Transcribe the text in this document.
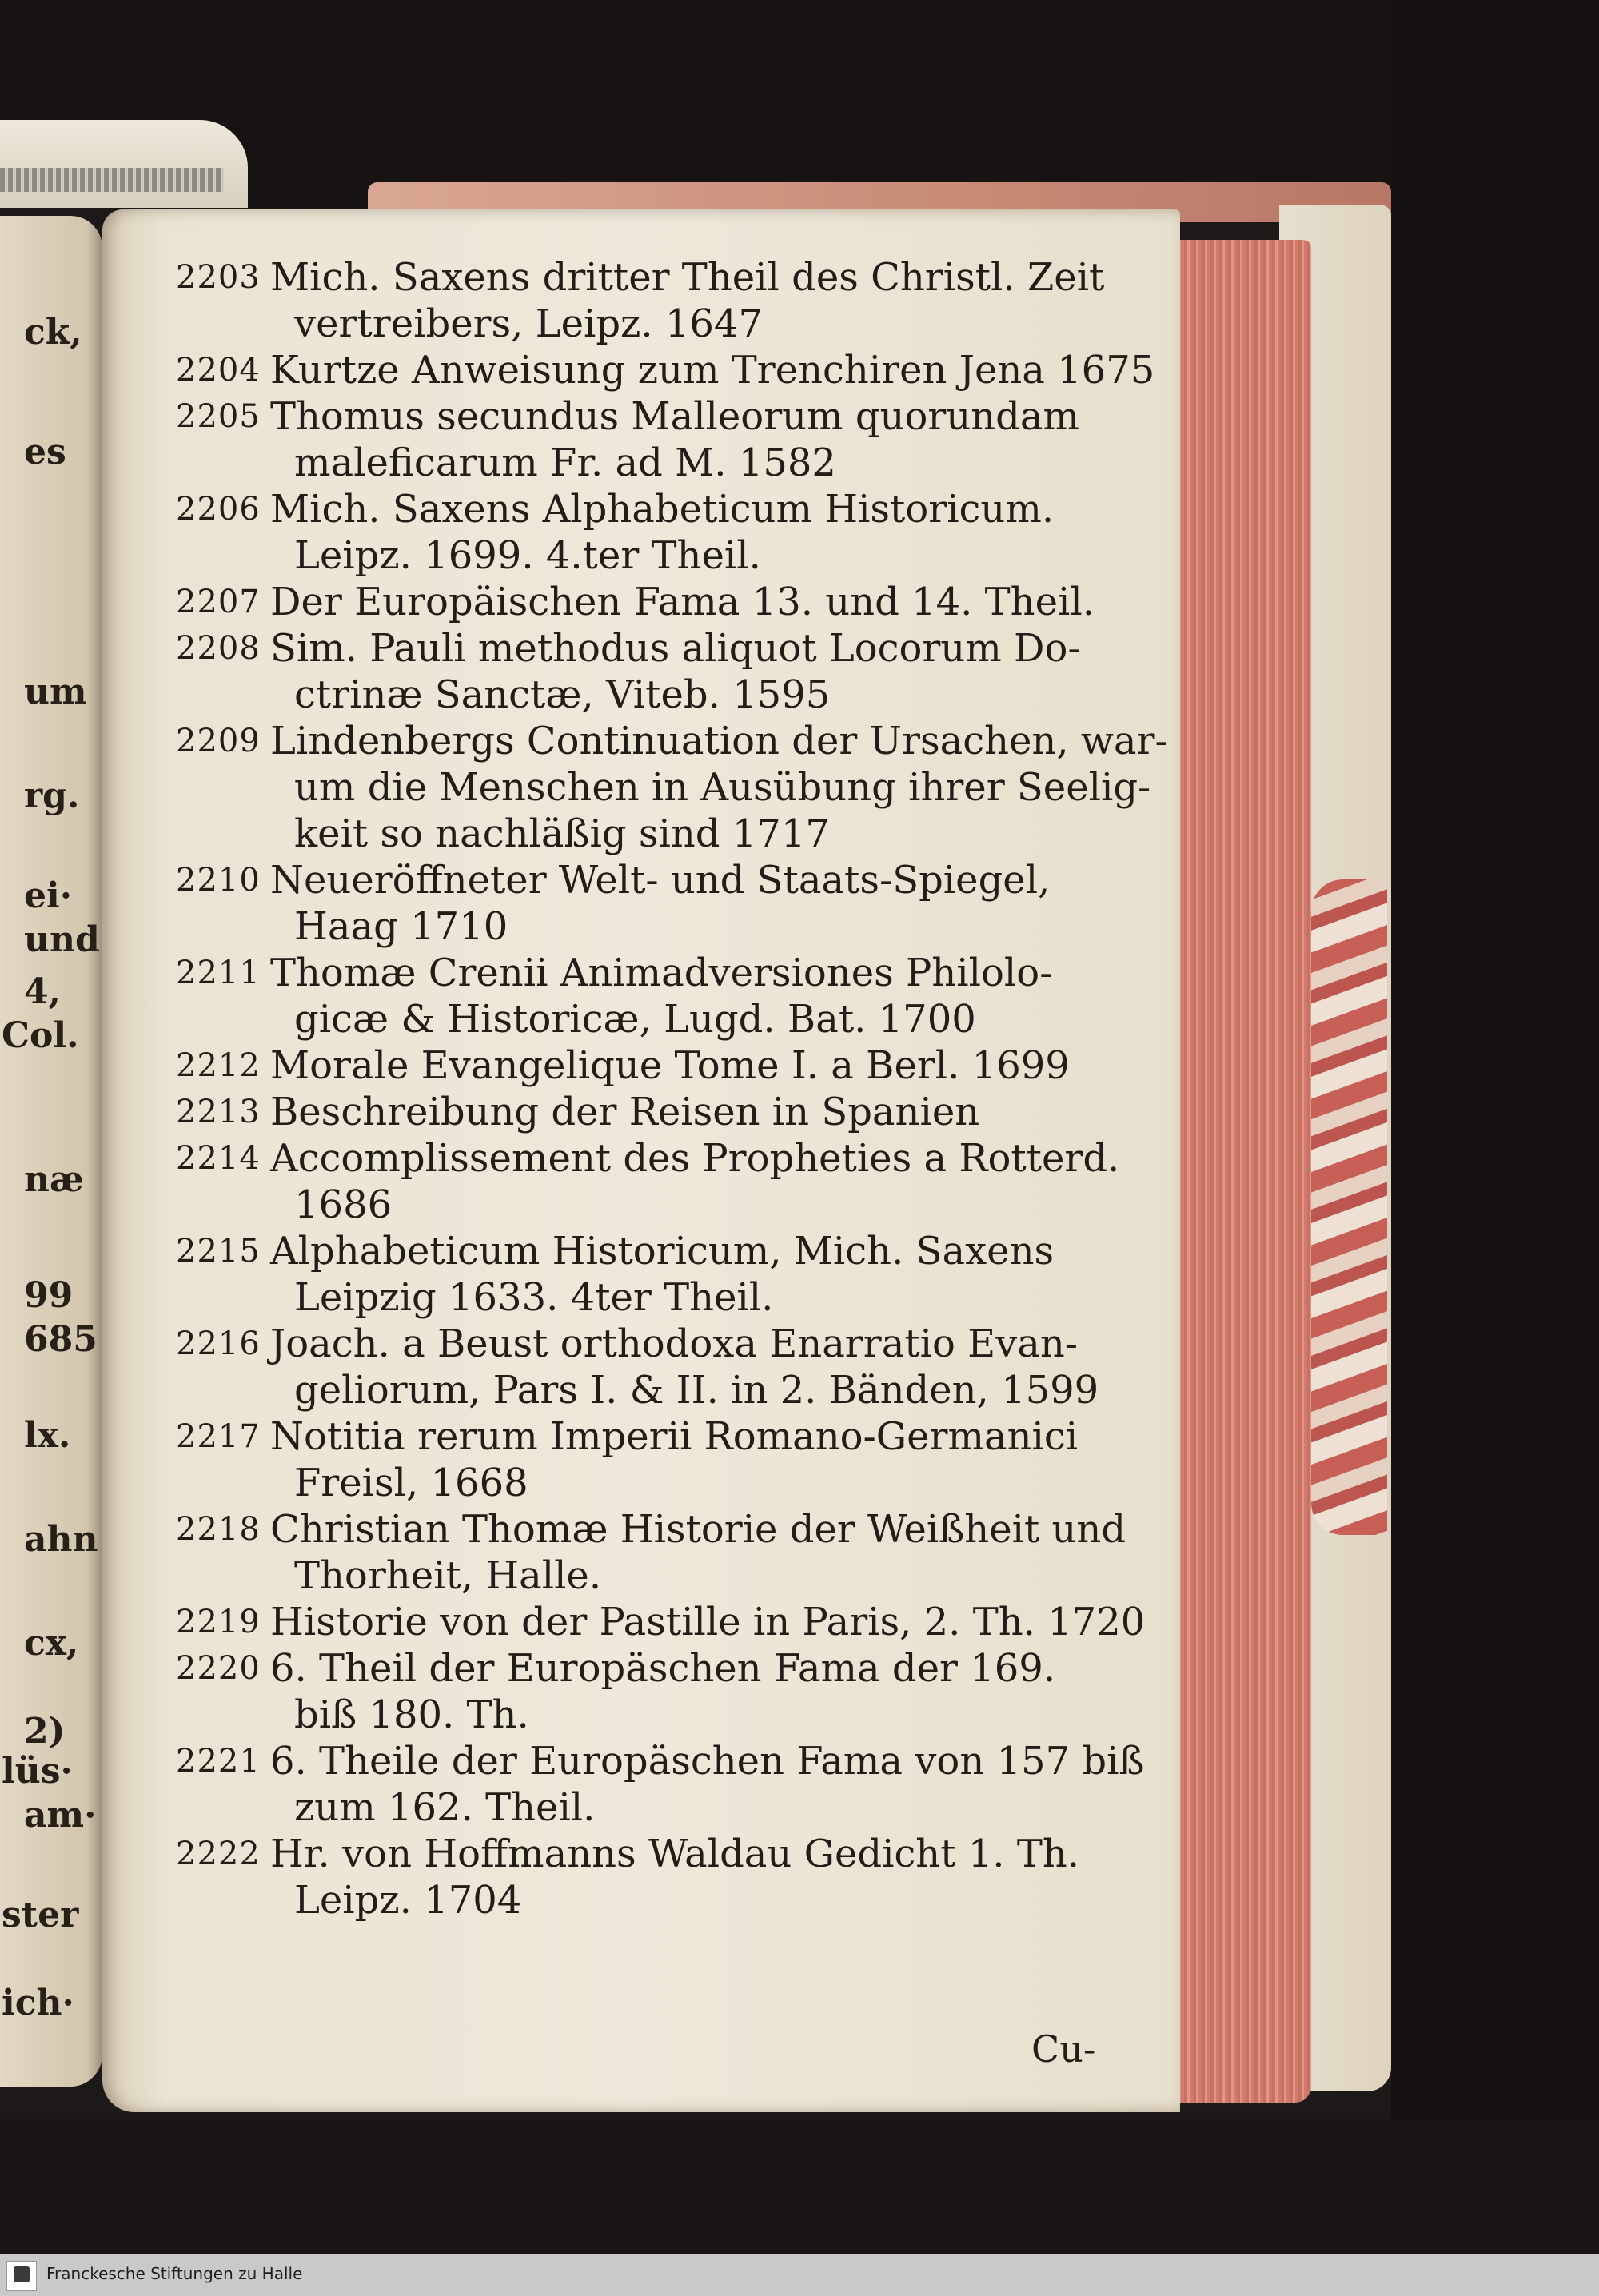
ck,
es
um
rg.
ei·
und
4,
Col.
næ
99
685
lx.
ahn
cx,
2)
lüs·
am·
ster
ich·
2203 Mich. Saxens dritter Theil des Christl. Zeit
vertreibers, Leipz. 1647
2204 Kurtze Anweisung zum Trenchiren Jena 1675
2205 Thomus secundus Malleorum quorundam
maleficarum Fr. ad M. 1582
2206 Mich. Saxens Alphabeticum Historicum.
Leipz. 1699. 4.ter Theil.
2207 Der Europäischen Fama 13. und 14. Theil.
2208 Sim. Pauli methodus aliquot Locorum Do-
ctrinæ Sanctæ, Viteb. 1595
2209 Lindenbergs Continuation der Ursachen, war-
um die Menschen in Ausübung ihrer Seelig-
keit so nachläßig sind 1717
2210 Neueröffneter Welt- und Staats-Spiegel,
Haag 1710
2211 Thomæ Crenii Animadversiones Philolo-
gicæ & Historicæ, Lugd. Bat. 1700
2212 Morale Evangelique Tome I. a Berl. 1699
2213 Beschreibung der Reisen in Spanien
2214 Accomplissement des Propheties a Rotterd.
1686
2215 Alphabeticum Historicum, Mich. Saxens
Leipzig 1633. 4ter Theil.
2216 Joach. a Beust orthodoxa Enarratio Evan-
geliorum, Pars I. & II. in 2. Bänden, 1599
2217 Notitia rerum Imperii Romano-Germanici
Freisl, 1668
2218 Christian Thomæ Historie der Weißheit und
Thorheit, Halle.
2219 Historie von der Pastille in Paris, 2. Th. 1720
2220 6. Theil der Europäschen Fama der 169.
biß 180. Th.
2221 6. Theile der Europäschen Fama von 157 biß
zum 162. Theil.
2222 Hr. von Hoffmanns Waldau Gedicht 1. Th.
Leipz. 1704
Cu-
Franckesche Stiftungen zu Halle
